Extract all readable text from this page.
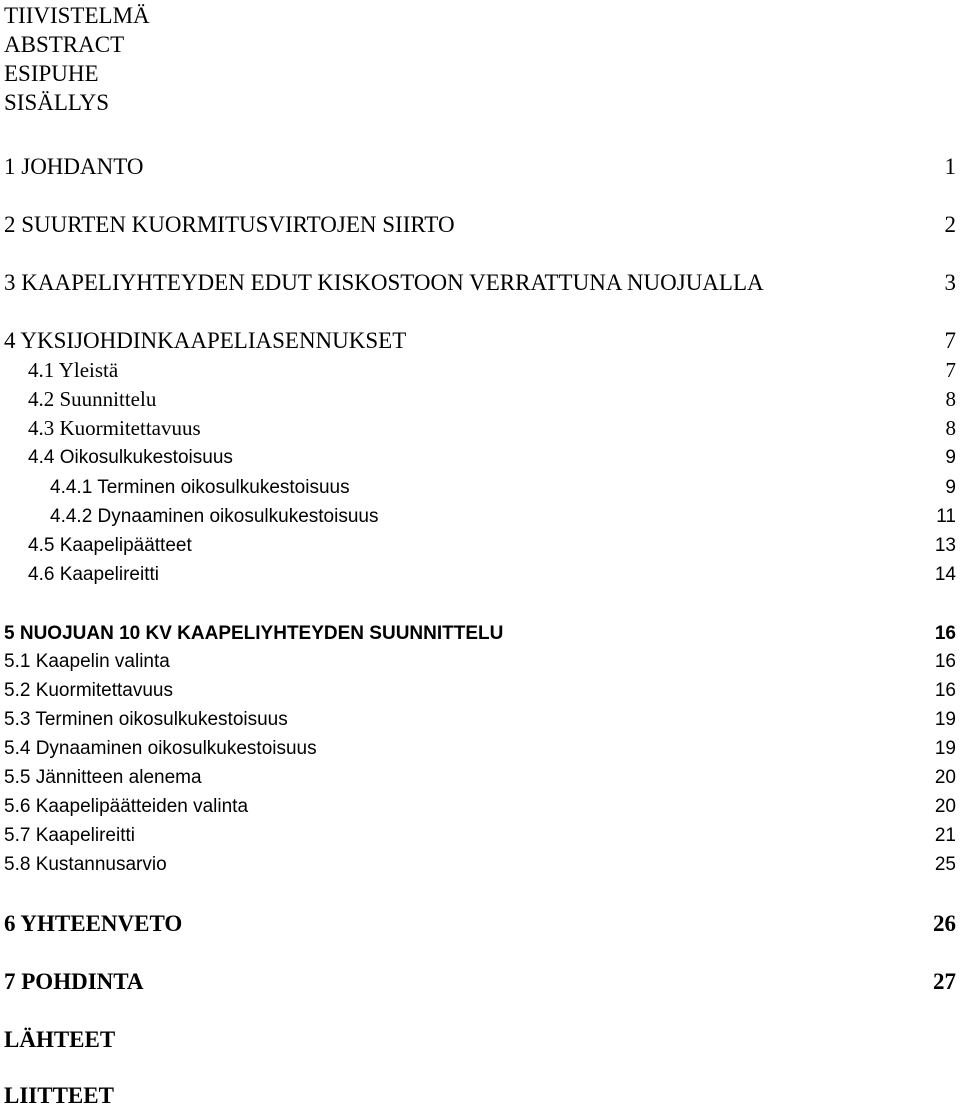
TIIVISTELMÄ
ABSTRACT
ESIPUHE
SISÄLLYS
1 JOHDANTO	1
2 SUURTEN KUORMITUSVIRTOJEN SIIRTO	2
3 KAAPELIYHTEYDEN EDUT KISKOSTOON VERRATTUNA NUOJUALLA	3
4 YKSIJOHDINKAAPELIASENNUKSET	7
4.1 Yleistä	7
4.2 Suunnittelu	8
4.3 Kuormitettavuus	8
4.4 Oikosulkukestoisuus	9
4.4.1 Terminen oikosulkukestoisuus	9
4.4.2 Dynaaminen oikosulkukestoisuus	11
4.5 Kaapelipäätteet	13
4.6 Kaapelireitti	14
5 NUOJUAN 10 KV KAAPELIYHTEYDEN SUUNNITTELU	16
5.1 Kaapelin valinta	16
5.2 Kuormitettavuus	16
5.3 Terminen oikosulkukestoisuus	19
5.4 Dynaaminen oikosulkukestoisuus	19
5.5 Jännitteen alenema	20
5.6 Kaapelipäätteiden valinta	20
5.7 Kaapelireitti	21
5.8 Kustannusarvio	25
6 YHTEENVETO	26
7 POHDINTA	27
LÄHTEET
LIITTEET
